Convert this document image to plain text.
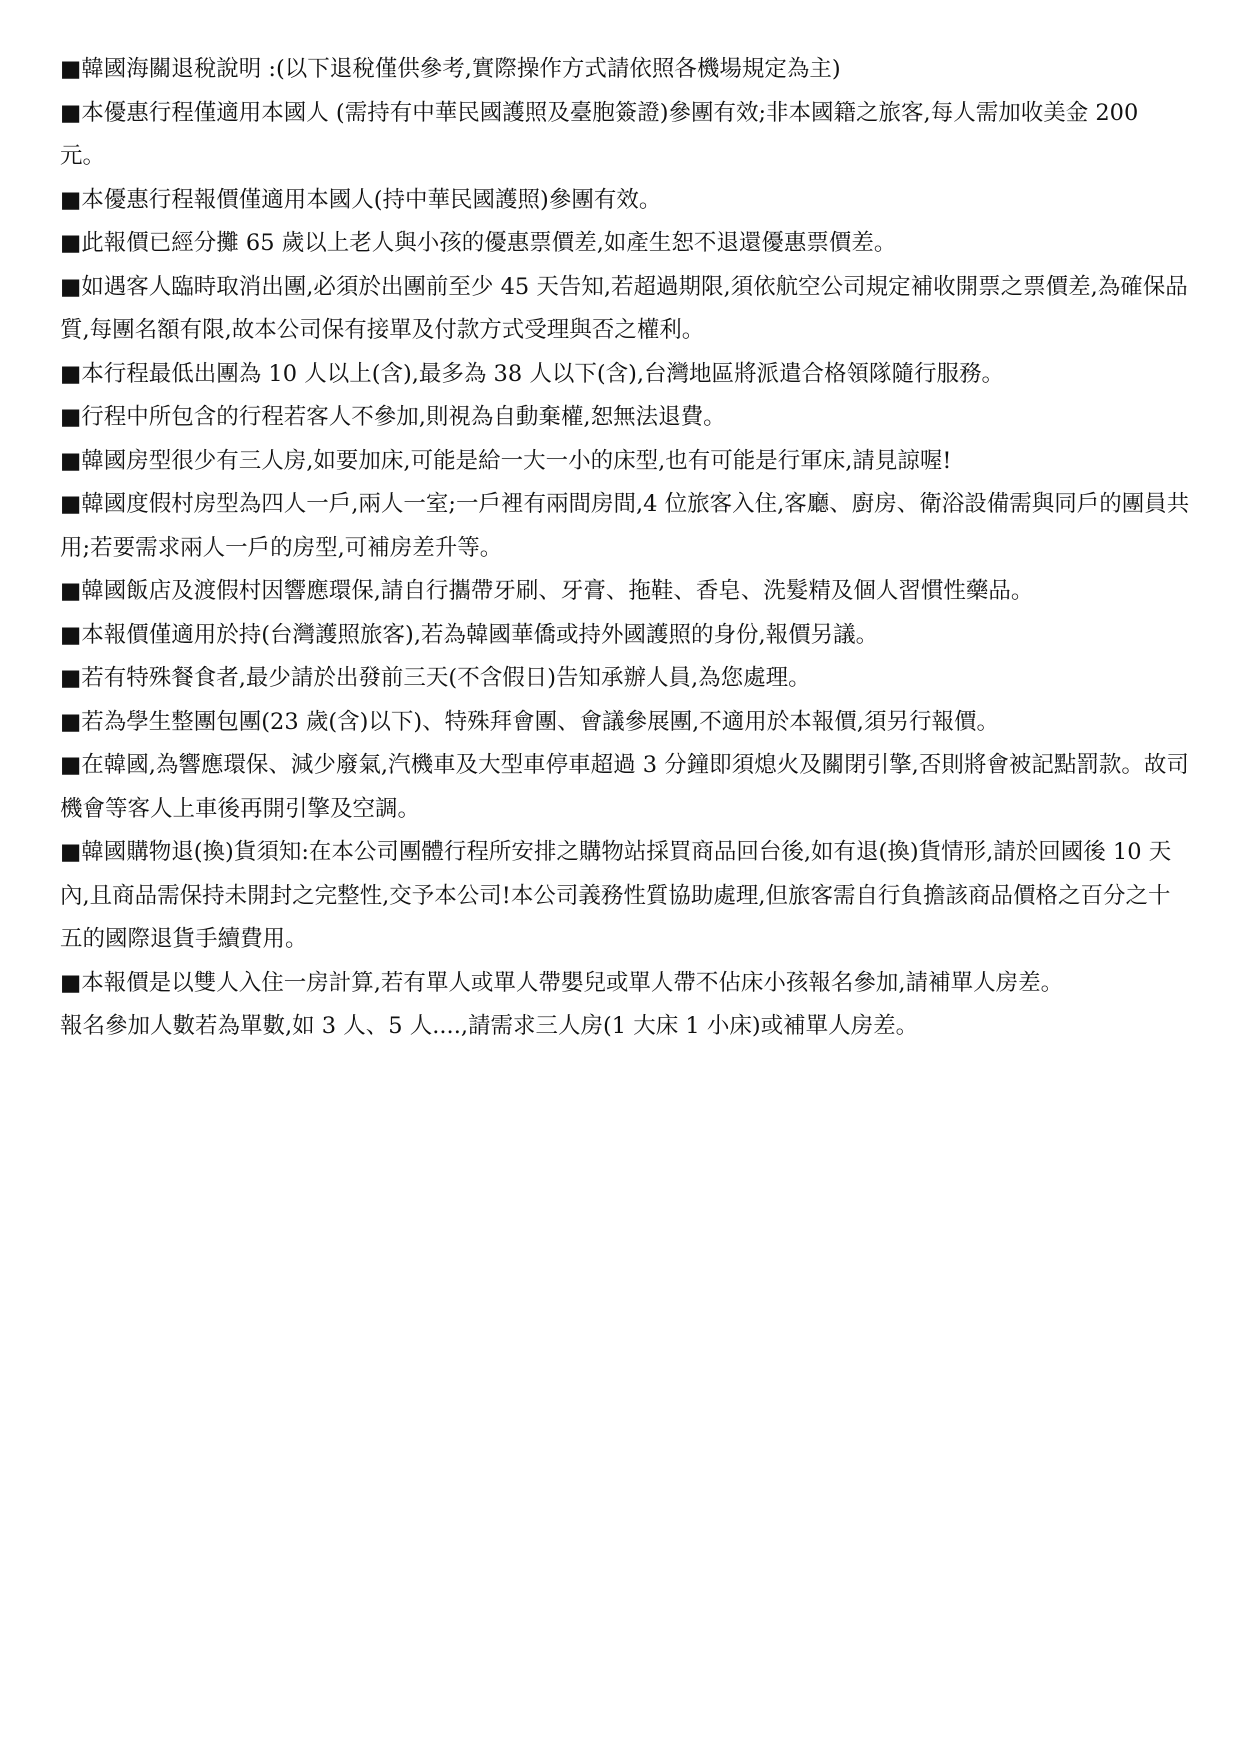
■韓國海關退稅說明 :(以下退稅僅供參考,實際操作方式請依照各機場規定為主)

■本優惠行程僅適用本國人 (需持有中華民國護照及臺胞簽證)參團有效;非本國籍之旅客,每人需加收美金 200 元。

■本優惠行程報價僅適用本國人(持中華民國護照)參團有效。

■此報價已經分攤 65 歲以上老人與小孩的優惠票價差,如產生恕不退還優惠票價差。

■如遇客人臨時取消出團,必須於出團前至少 45 天告知,若超過期限,須依航空公司規定補收開票之票價差,為確保品質,每團名額有限,故本公司保有接單及付款方式受理與否之權利。

■本行程最低出團為 10 人以上(含),最多為 38 人以下(含),台灣地區將派遣合格領隊隨行服務。

■行程中所包含的行程若客人不參加,則視為自動棄權,恕無法退費。

■韓國房型很少有三人房,如要加床,可能是給一大一小的床型,也有可能是行軍床,請見諒喔!

■韓國度假村房型為四人一戶,兩人一室;一戶裡有兩間房間,4 位旅客入住,客廳、廚房、衛浴設備需與同戶的團員共用;若要需求兩人一戶的房型,可補房差升等。

■韓國飯店及渡假村因響應環保,請自行攜帶牙刷、牙膏、拖鞋、香皂、洗髮精及個人習慣性藥品。

■本報價僅適用於持(台灣護照旅客),若為韓國華僑或持外國護照的身份,報價另議。

■若有特殊餐食者,最少請於出發前三天(不含假日)告知承辦人員,為您處理。

■若為學生整團包團(23 歲(含)以下)、特殊拜會團、會議參展團,不適用於本報價,須另行報價。

■在韓國,為響應環保、減少廢氣,汽機車及大型車停車超過 3 分鐘即須熄火及關閉引擎,否則將會被記點罰款。故司機會等客人上車後再開引擎及空調。

■韓國購物退(換)貨須知:在本公司團體行程所安排之購物站採買商品回台後,如有退(換)貨情形,請於回國後 10 天內,且商品需保持未開封之完整性,交予本公司!本公司義務性質協助處理,但旅客需自行負擔該商品價格之百分之十五的國際退貨手續費用。

■本報價是以雙人入住一房計算,若有單人或單人帶嬰兒或單人帶不佔床小孩報名參加,請補單人房差。

報名參加人數若為單數,如 3 人、5 人....,請需求三人房(1 大床 1 小床)或補單人房差。
